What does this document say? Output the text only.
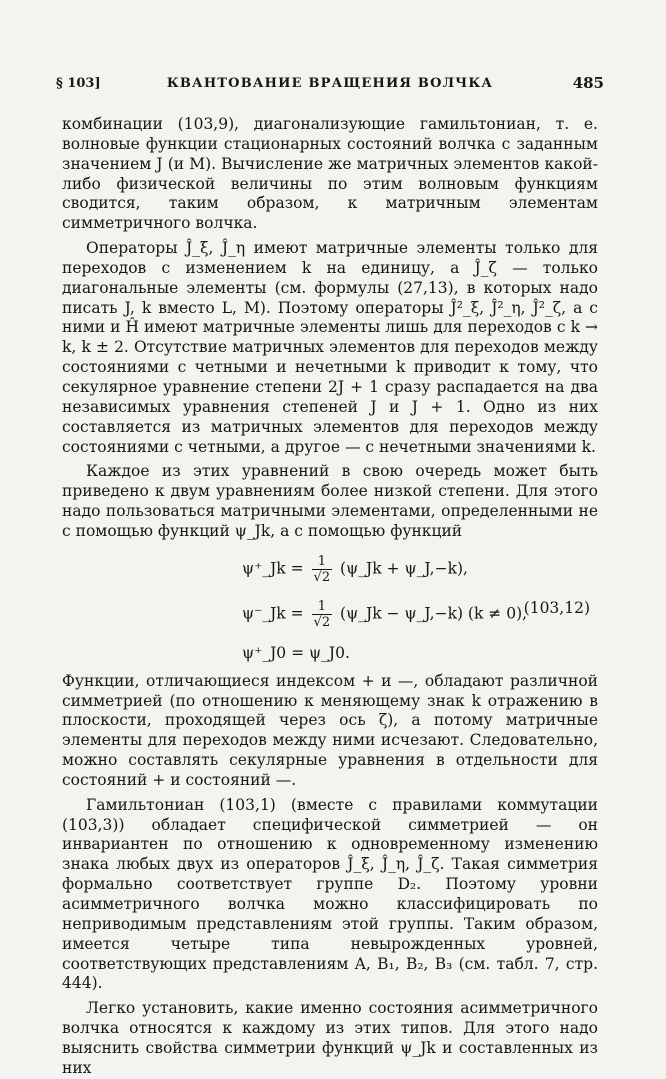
§ 103]	КВАНТОВАНИЕ ВРАЩЕНИЯ ВОЛЧКА	485

комбинации (103,9), диагонализующие гамильтониан, т. е. волновые функции стационарных состояний волчка с заданным значением J (и M). Вычисление же матричных элементов какой-либо физической величины по этим волновым функциям сводится, таким образом, к матричным элементам симметричного волчка.

Операторы Ĵ_ξ, Ĵ_η имеют матричные элементы только для переходов с изменением k на единицу, а Ĵ_ζ — только диагональные элементы (см. формулы (27,13), в которых надо писать J, k вместо L, M). Поэтому операторы Ĵ²_ξ, Ĵ²_η, Ĵ²_ζ, а с ними и Ĥ имеют матричные элементы лишь для переходов с k → k, k ± 2. Отсутствие матричных элементов для переходов между состояниями с четными и нечетными k приводит к тому, что секулярное уравнение степени 2J + 1 сразу распадается на два независимых уравнения степеней J и J + 1. Одно из них составляется из матричных элементов для переходов между состояниями с четными, а другое — с нечетными значениями k.

Каждое из этих уравнений в свою очередь может быть приведено к двум уравнениям более низкой степени. Для этого надо пользоваться матричными элементами, определенными не с помощью функций ψ_Jk, а с помощью функций

ψ⁺_Jk = $\frac{1}{√2}$ (ψ_Jk + ψ_J,−k),
ψ⁻_Jk = $\frac{1}{√2}$ (ψ_Jk − ψ_J,−k) (k ≠ 0),
ψ⁺_J0 = ψ_J0.
(103,12)

Функции, отличающиеся индексом + и —, обладают различной симметрией (по отношению к меняющему знак k отражению в плоскости, проходящей через ось ζ), а потому матричные элементы для переходов между ними исчезают. Следовательно, можно составлять секулярные уравнения в отдельности для состояний + и состояний —.

Гамильтониан (103,1) (вместе с правилами коммутации (103,3)) обладает специфической симметрией — он инвариантен по отношению к одновременному изменению знака любых двух из операторов Ĵ_ξ, Ĵ_η, Ĵ_ζ. Такая симметрия формально соответствует группе D₂. Поэтому уровни асимметричного волчка можно классифицировать по неприводимым представлениям этой группы. Таким образом, имеется четыре типа невырожденных уровней, соответствующих представлениям A, B₁, B₂, B₃ (см. табл. 7, стр. 444).

Легко установить, какие именно состояния асимметричного волчка относятся к каждому из этих типов. Для этого надо выяснить свойства симметрии функций ψ_Jk и составленных из них
